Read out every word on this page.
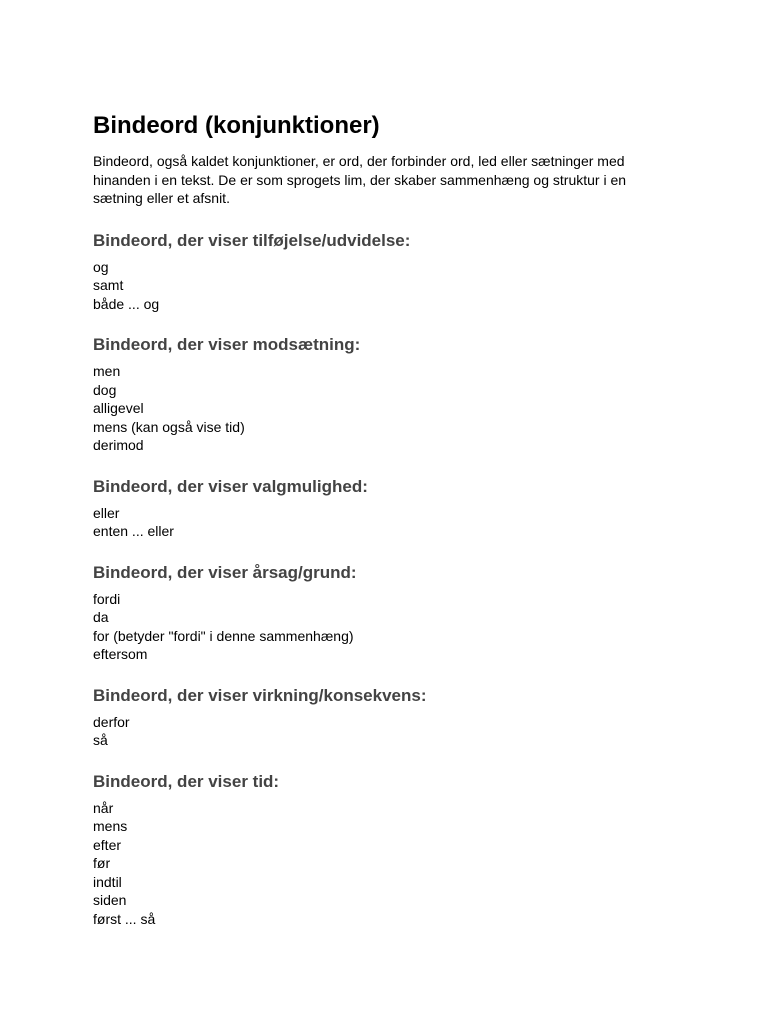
Bindeord (konjunktioner)

Bindeord, også kaldet konjunktioner, er ord, der forbinder ord, led eller sætninger med hinanden i en tekst. De er som sprogets lim, der skaber sammenhæng og struktur i en sætning eller et afsnit.

Bindeord, der viser tilføjelse/udvidelse:
og
samt
både ... og
Bindeord, der viser modsætning:
men
dog
alligevel
mens (kan også vise tid)
derimod
Bindeord, der viser valgmulighed:
eller
enten ... eller
Bindeord, der viser årsag/grund:
fordi
da
for (betyder "fordi" i denne sammenhæng)
eftersom
Bindeord, der viser virkning/konsekvens:
derfor
så
Bindeord, der viser tid:
når
mens
efter
før
indtil
siden
først ... så
